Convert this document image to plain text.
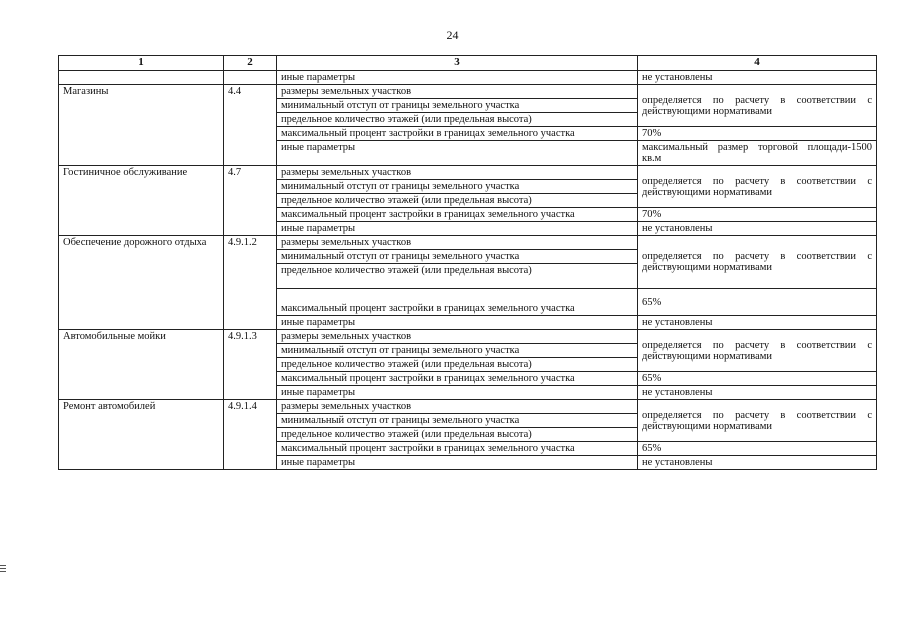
24
1	2	3	4
		иные параметры	не установлены
Магазины	4.4	размеры земельных участков	определяется по расчету в соответствии с действующими нормативами
		минимальный отступ от границы земельного участка	
		предельное количество этажей (или предельная высота)	
		максимальный процент застройки в границах земельного участка	70%
		иные параметры	максимальный размер торговой площади-1500 кв.м
Гостиничное обслуживание	4.7	размеры земельных участков	определяется по расчету в соответствии с действующими нормативами
		минимальный отступ от границы земельного участка	
		предельное количество этажей (или предельная высота)	
		максимальный процент застройки в границах земельного участка	70%
		иные параметры	не установлены
Обеспечение дорожного отдыха	4.9.1.2	размеры земельных участков	определяется по расчету в соответствии с действующими нормативами
		минимальный отступ от границы земельного участка	
		предельное количество этажей (или предельная высота)	
		максимальный процент застройки в границах земельного участка	65%
		иные параметры	не установлены
Автомобильные мойки	4.9.1.3	размеры земельных участков	определяется по расчету в соответствии с действующими нормативами
		минимальный отступ от границы земельного участка	
		предельное количество этажей (или предельная высота)	
		максимальный процент застройки в границах земельного участка	65%
		иные параметры	не установлены
Ремонт автомобилей	4.9.1.4	размеры земельных участков	определяется по расчету в соответствии с действующими нормативами
		минимальный отступ от границы земельного участка	
		предельное количество этажей (или предельная высота)	
		максимальный процент застройки в границах земельного участка	65%
		иные параметры	не установлены
